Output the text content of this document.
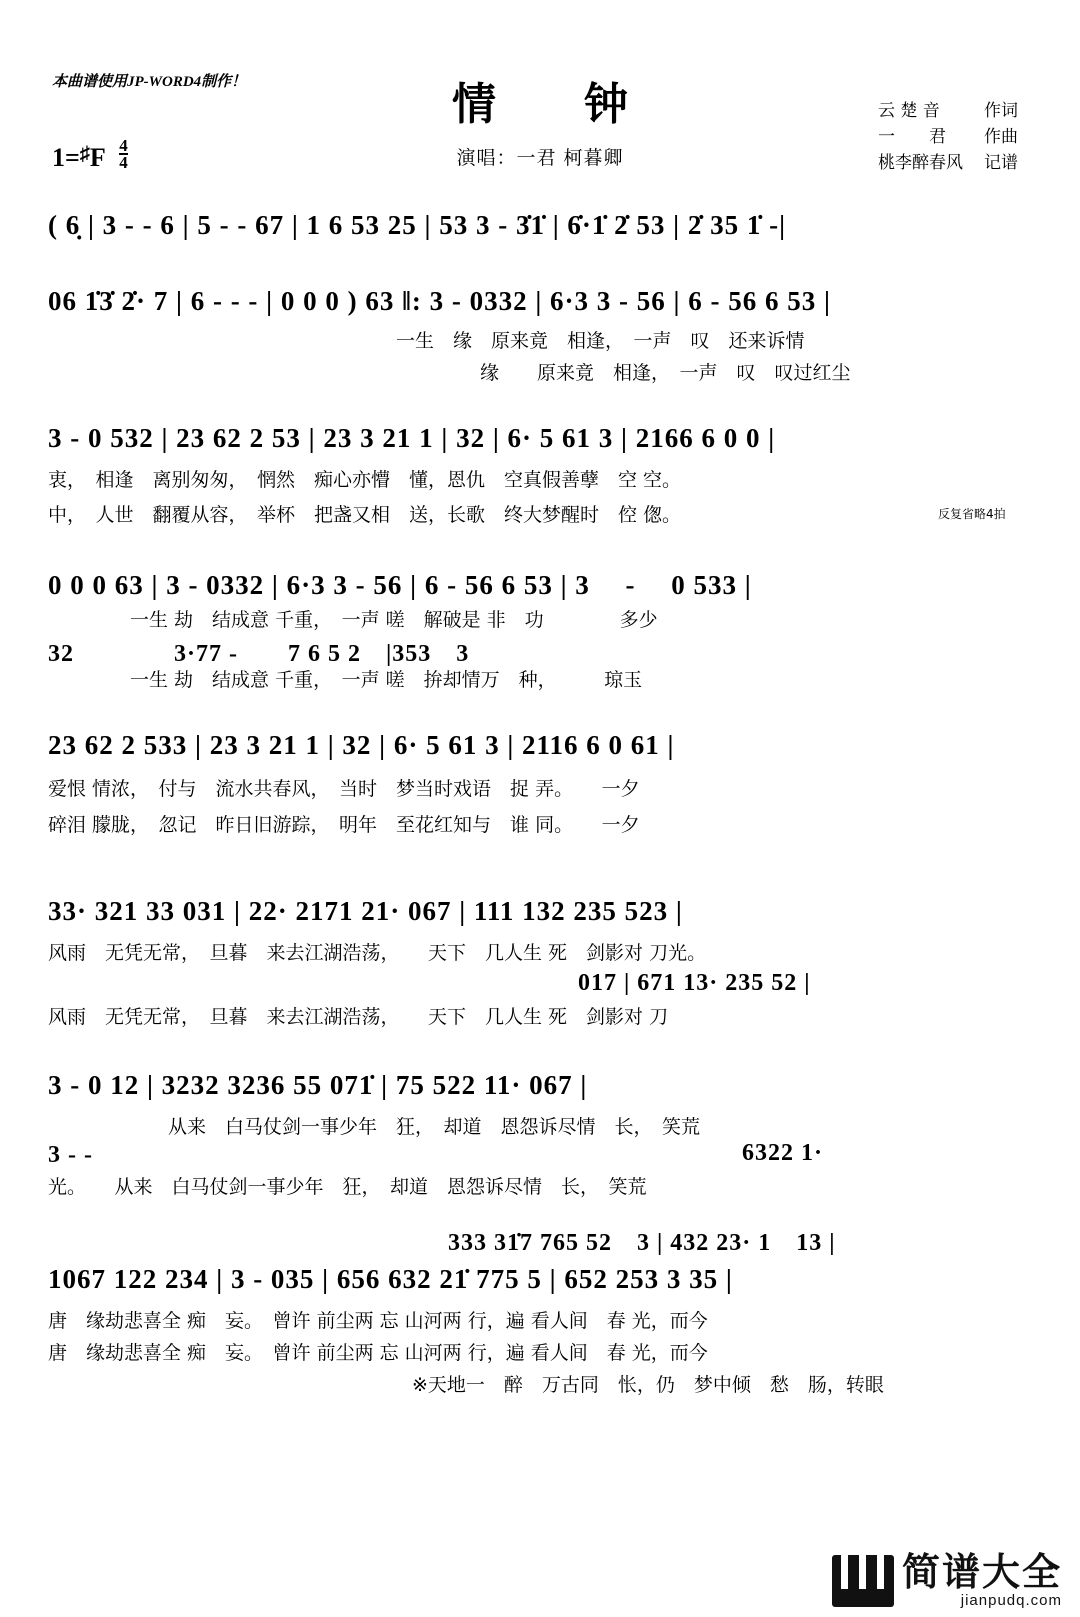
本曲谱使用JP-WORD4制作！	情　钟
演唱：一君 柯暮卿
云 楚 音	作词
一　　君 作曲
桃李醉春风 记谱
$1=^♯F \frac{4}{4}$
( 6̣ | 3 - - 6 | 5 - - 67 | 1 6 53 25 | 53 3 - 3̇1̇ | 6̇·1̇ 2̇ 53 | 2̇ 35 1̇ -|
06 1̇3̇ 2̇· 7 | 6 - - - | 0 0 0 ) 63 ‖: 3 - 0332 | 6·3 3 - 56 | 6 - 56 6 53 |
一生　缘　原来竟　相逢，　一声　叹　还来诉情
缘　　原来竟　相逢，　一声　叹　叹过红尘
3 - 0 532 | 23 62 2 53 | 23 3 21 1 | 32 | 6· 5 61 3 | 2166 6 0 0 |
衷，　相逢　离别匆匆，　惘然　痴心亦懵　懂，恩仇　空真假善孽　空 空。
中，　人世　翻覆从容，　举杯　把盏又相　送，长歌　终大梦醒时　倥 偬。	反复省略4拍
0 0 0 63 | 3 - 0332 | 6·3 3 - 56 | 6 - 56 6 53 | 3 　-　 0 533 |
一生 劫　结成意 千重，　一声 嗟　解破是 非　功　　　　多少
32　　　　3·77 -　　7 6 5 2　|353　3
一生 劫　结成意 千重，　一声 嗟　拚却情万　种，　　　琼玉
23 62 2 533 | 23 3 21 1 | 32 | 6· 5 61 3 | 2116 6 0 61 |
爱恨 情浓，　付与　流水共春风，　当时　梦当时戏语　捉 弄。　　一夕
碎泪 朦胧，　忽记　昨日旧游踪，　明年　至花红知与　谁 同。　　一夕
33· 321 33 031 | 22· 2171 21· 067 | 111 132 235 523 |
风雨　无凭无常，　旦暮　来去江湖浩荡，　　天下　几人生 死　剑影对 刀光。
017 | 671 13· 235 52 |
风雨　无凭无常，　旦暮　来去江湖浩荡，　　天下　几人生 死　剑影对 刀
3 - 0 12 | 3232 3236 55 071̇ | 75 522 11· 067 |
　　从来　白马仗剑一事少年　狂，　却道　恩怨诉尽情　长，　笑荒
3 - -	6322 1·
光。　　从来　白马仗剑一事少年　狂，　却道　恩怨诉尽情　长，　笑荒
333 31̇7 765 52　3 | 432 23· 1　13 |
1067 122 234 | 3 - 035 | 656 632 21̇ 775 5 | 652 253 3 35 |
唐　缘劫悲喜全 痴　妄。　曾许 前尘两 忘 山河两 行，遍 看人间　春 光，而今
唐　缘劫悲喜全 痴　妄。　曾许 前尘两 忘 山河两 行，遍 看人间　春 光，而今
※天地一　醉　万古同　怅，仍　梦中倾　愁　肠，转眼
简谱大全
jianpudq.com
